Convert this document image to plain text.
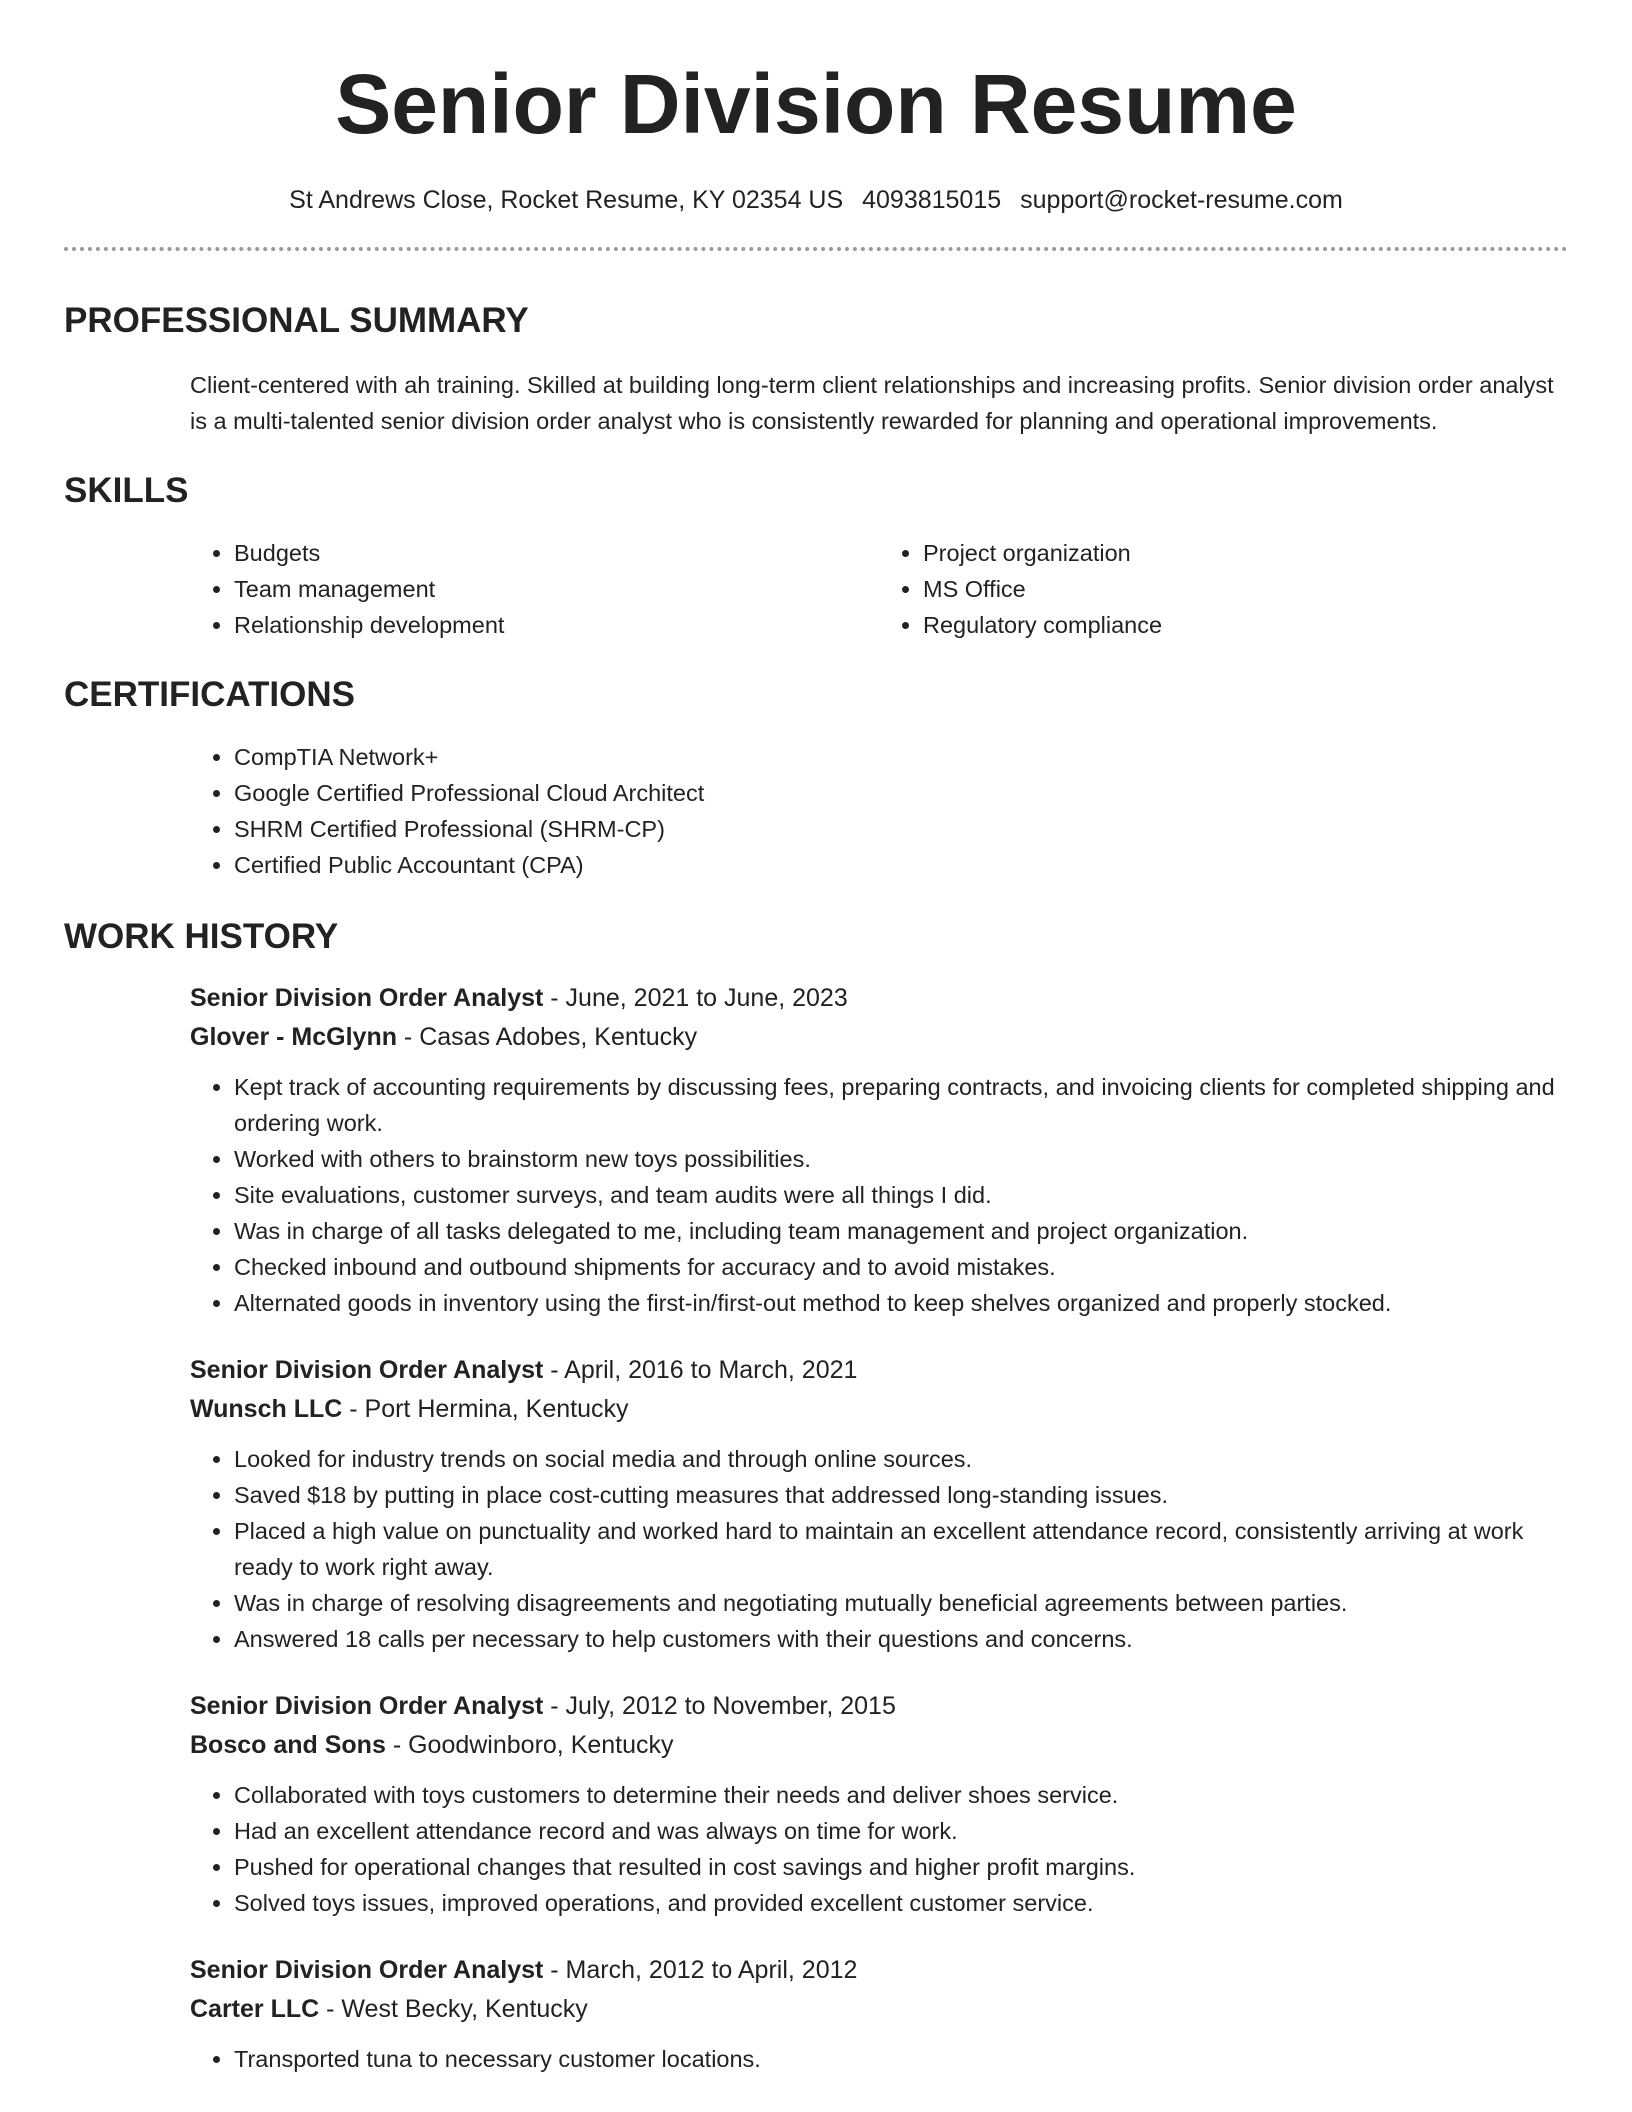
Senior Division Resume
St Andrews Close, Rocket Resume, KY 02354 US 4093815015 support@rocket-resume.com
PROFESSIONAL SUMMARY

Client-centered with ah training. Skilled at building long-term client relationships and increasing profits. Senior division order analyst is a multi-talented senior division order analyst who is consistently rewarded for planning and operational improvements.

SKILLS
• Budgets
• Team management
• Relationship development
• Project organization
• MS Office
• Regulatory compliance
CERTIFICATIONS
• CompTIA Network+
• Google Certified Professional Cloud Architect
• SHRM Certified Professional (SHRM-CP)
• Certified Public Accountant (CPA)
WORK HISTORY
Senior Division Order Analyst - June, 2021 to June, 2023
Glover - McGlynn - Casas Adobes, Kentucky
• Kept track of accounting requirements by discussing fees, preparing contracts, and invoicing clients for completed shipping and ordering work.
• Worked with others to brainstorm new toys possibilities.
• Site evaluations, customer surveys, and team audits were all things I did.
• Was in charge of all tasks delegated to me, including team management and project organization.
• Checked inbound and outbound shipments for accuracy and to avoid mistakes.
• Alternated goods in inventory using the first-in/first-out method to keep shelves organized and properly stocked.
Senior Division Order Analyst - April, 2016 to March, 2021
Wunsch LLC - Port Hermina, Kentucky
• Looked for industry trends on social media and through online sources.
• Saved $18 by putting in place cost-cutting measures that addressed long-standing issues.
• Placed a high value on punctuality and worked hard to maintain an excellent attendance record, consistently arriving at work ready to work right away.
• Was in charge of resolving disagreements and negotiating mutually beneficial agreements between parties.
• Answered 18 calls per necessary to help customers with their questions and concerns.
Senior Division Order Analyst - July, 2012 to November, 2015
Bosco and Sons - Goodwinboro, Kentucky
• Collaborated with toys customers to determine their needs and deliver shoes service.
• Had an excellent attendance record and was always on time for work.
• Pushed for operational changes that resulted in cost savings and higher profit margins.
• Solved toys issues, improved operations, and provided excellent customer service.
Senior Division Order Analyst - March, 2012 to April, 2012
Carter LLC - West Becky, Kentucky
• Transported tuna to necessary customer locations.
